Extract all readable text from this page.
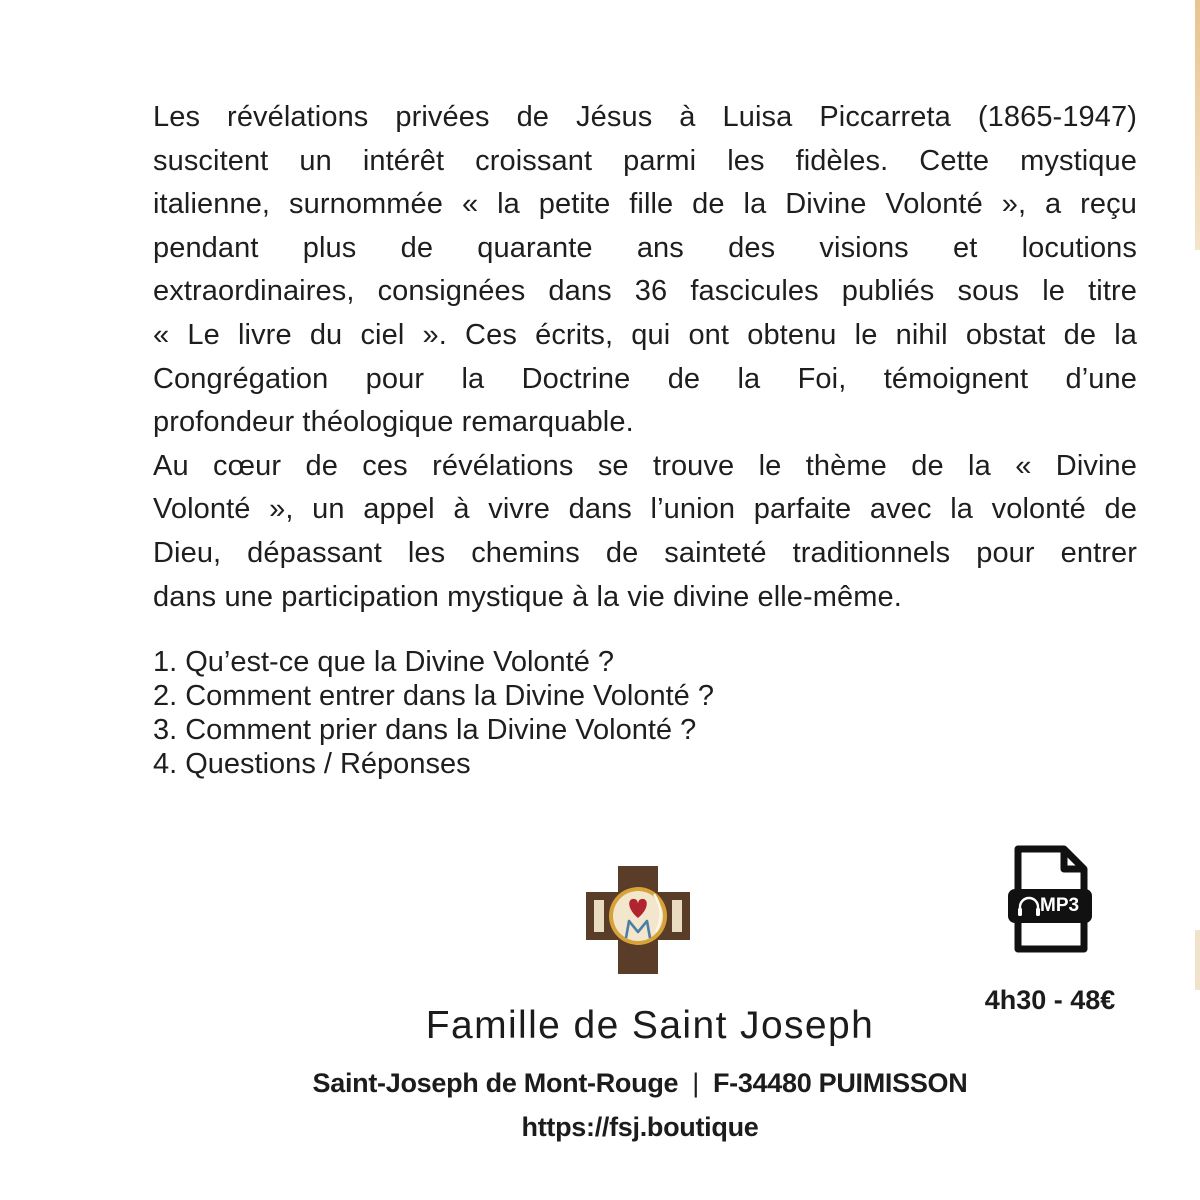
Les révélations privées de Jésus à Luisa Piccarreta (1865-1947)
suscitent un intérêt croissant parmi les fidèles. Cette mystique
italienne, surnommée « la petite fille de la Divine Volonté », a reçu
pendant plus de quarante ans des visions et locutions
extraordinaires, consignées dans 36 fascicules publiés sous le titre
« Le livre du ciel ». Ces écrits, qui ont obtenu le nihil obstat de la
Congrégation pour la Doctrine de la Foi, témoignent d’une
profondeur théologique remarquable.
Au cœur de ces révélations se trouve le thème de la « Divine
Volonté », un appel à vivre dans l’union parfaite avec la volonté de
Dieu, dépassant les chemins de sainteté traditionnels pour entrer
dans une participation mystique à la vie divine elle-même.
1. Qu’est-ce que la Divine Volonté ?
2. Comment entrer dans la Divine Volonté ?
3. Comment prier dans la Divine Volonté ?
4. Questions / Réponses
Famille de Saint Joseph
Saint-Joseph de Mont-Rouge | F-34480 PUIMISSON
https://fsj.boutique
MP3
4h30 - 48€
